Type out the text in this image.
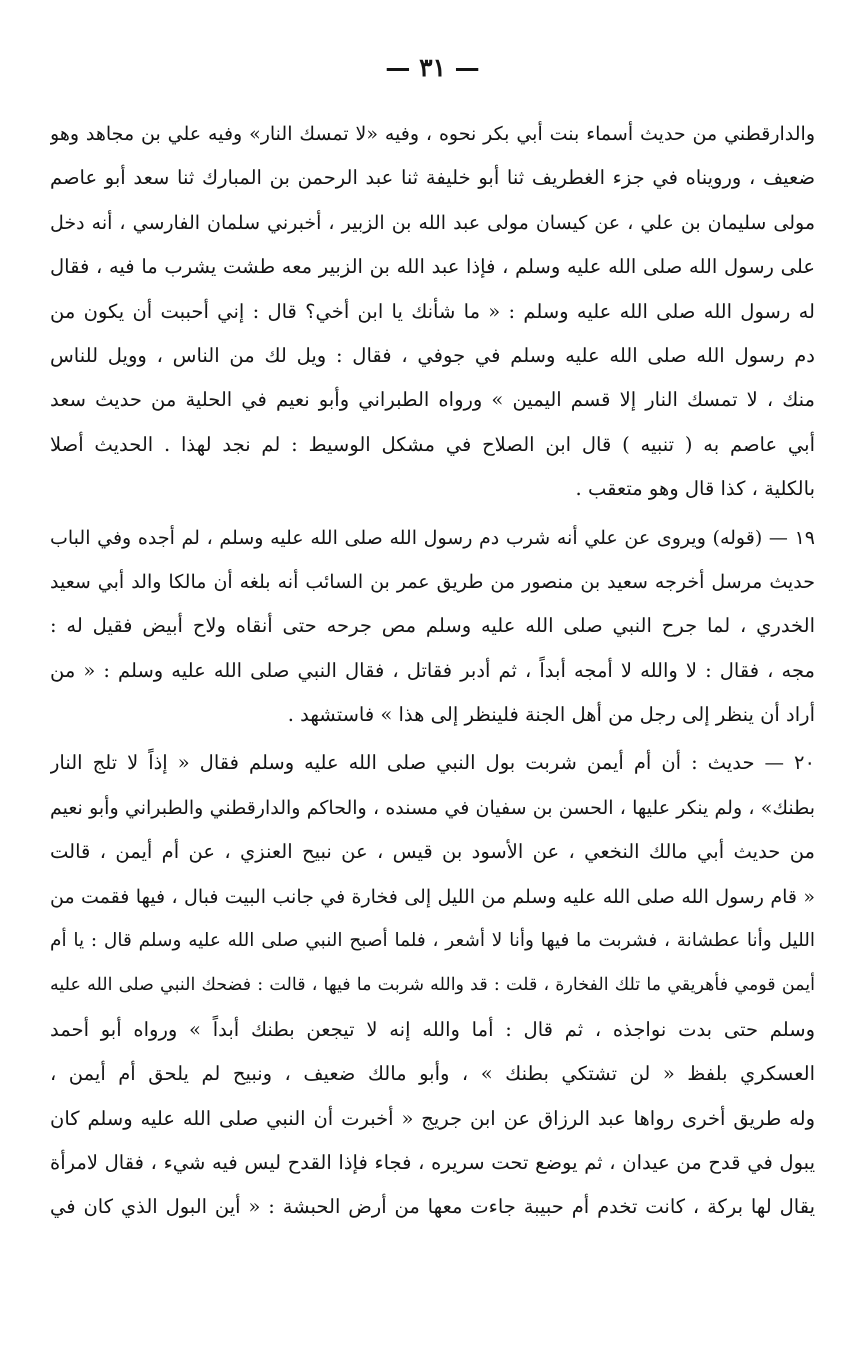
— ٣١ —
والدارقطني من حديث أسماء بنت أبي بكر نحوه ، وفيه «لا تمسك النار» وفيه علي بن مجاهد وهو
ضعيف ، ورويناه في جزء الغطريف ثنا أبو خليفة ثنا عبد الرحمن بن المبارك ثنا سعد أبو عاصم
مولى سليمان بن علي ، عن كيسان مولى عبد الله بن الزبير ، أخبرني سلمان الفارسي ، أنه دخل
على رسول الله صلى الله عليه وسلم ، فإذا عبد الله بن الزبير معه طشت يشرب ما فيه ، فقال
له رسول الله صلى الله عليه وسلم : « ما شأنك يا ابن أخي؟ قال : إني أحببت أن يكون من
دم رسول الله صلى الله عليه وسلم في جوفي ، فقال : ويل لك من الناس ، وويل للناس
منك ، لا تمسك النار إلا قسم اليمين » ورواه الطبراني وأبو نعيم في الحلية من حديث سعد
أبي عاصم به ( تنبيه ) قال ابن الصلاح في مشكل الوسيط : لم نجد لهذا . الحديث أصلا
بالكلية ، كذا قال وهو متعقب .
١٩ — (قوله) ويروى عن علي أنه شرب دم رسول الله صلى الله عليه وسلم ، لم أجده وفي الباب
حديث مرسل أخرجه سعيد بن منصور من طريق عمر بن السائب أنه بلغه أن مالكا والد أبي سعيد
الخدري ، لما جرح النبي صلى الله عليه وسلم مص جرحه حتى أنقاه ولاح أبيض فقيل له :
مجه ، فقال : لا والله لا أمجه أبداً ، ثم أدبر فقاتل ، فقال النبي صلى الله عليه وسلم : « من
أراد أن ينظر إلى رجل من أهل الجنة فلينظر إلى هذا » فاستشهد .
٢٠ — حديث : أن أم أيمن شربت بول النبي صلى الله عليه وسلم فقال « إذاً لا تلج النار
بطنك» ، ولم ينكر عليها ، الحسن بن سفيان في مسنده ، والحاكم والدارقطني والطبراني وأبو نعيم
من حديث أبي مالك النخعي ، عن الأسود بن قيس ، عن نبيح العنزي ، عن أم أيمن ، قالت
« قام رسول الله صلى الله عليه وسلم من الليل إلى فخارة في جانب البيت فبال ، فيها فقمت من
الليل وأنا عطشانة ، فشربت ما فيها وأنا لا أشعر ، فلما أصبح النبي صلى الله عليه وسلم قال : يا أم
أيمن قومي فأهريقي ما تلك الفخارة ، قلت : قد والله شربت ما فيها ، قالت : فضحك النبي صلى الله عليه
وسلم حتى بدت نواجذه ، ثم قال : أما والله إنه لا تيجعن بطنك أبداً » ورواه أبو أحمد
العسكري بلفظ « لن تشتكي بطنك » ، وأبو مالك ضعيف ، ونبيح لم يلحق أم أيمن ،
وله طريق أخرى رواها عبد الرزاق عن ابن جريج « أخبرت أن النبي صلى الله عليه وسلم كان
يبول في قدح من عيدان ، ثم يوضع تحت سريره ، فجاء فإذا القدح ليس فيه شيء ، فقال لامرأة
يقال لها بركة ، كانت تخدم أم حبيبة جاءت معها من أرض الحبشة : « أين البول الذي كان في
